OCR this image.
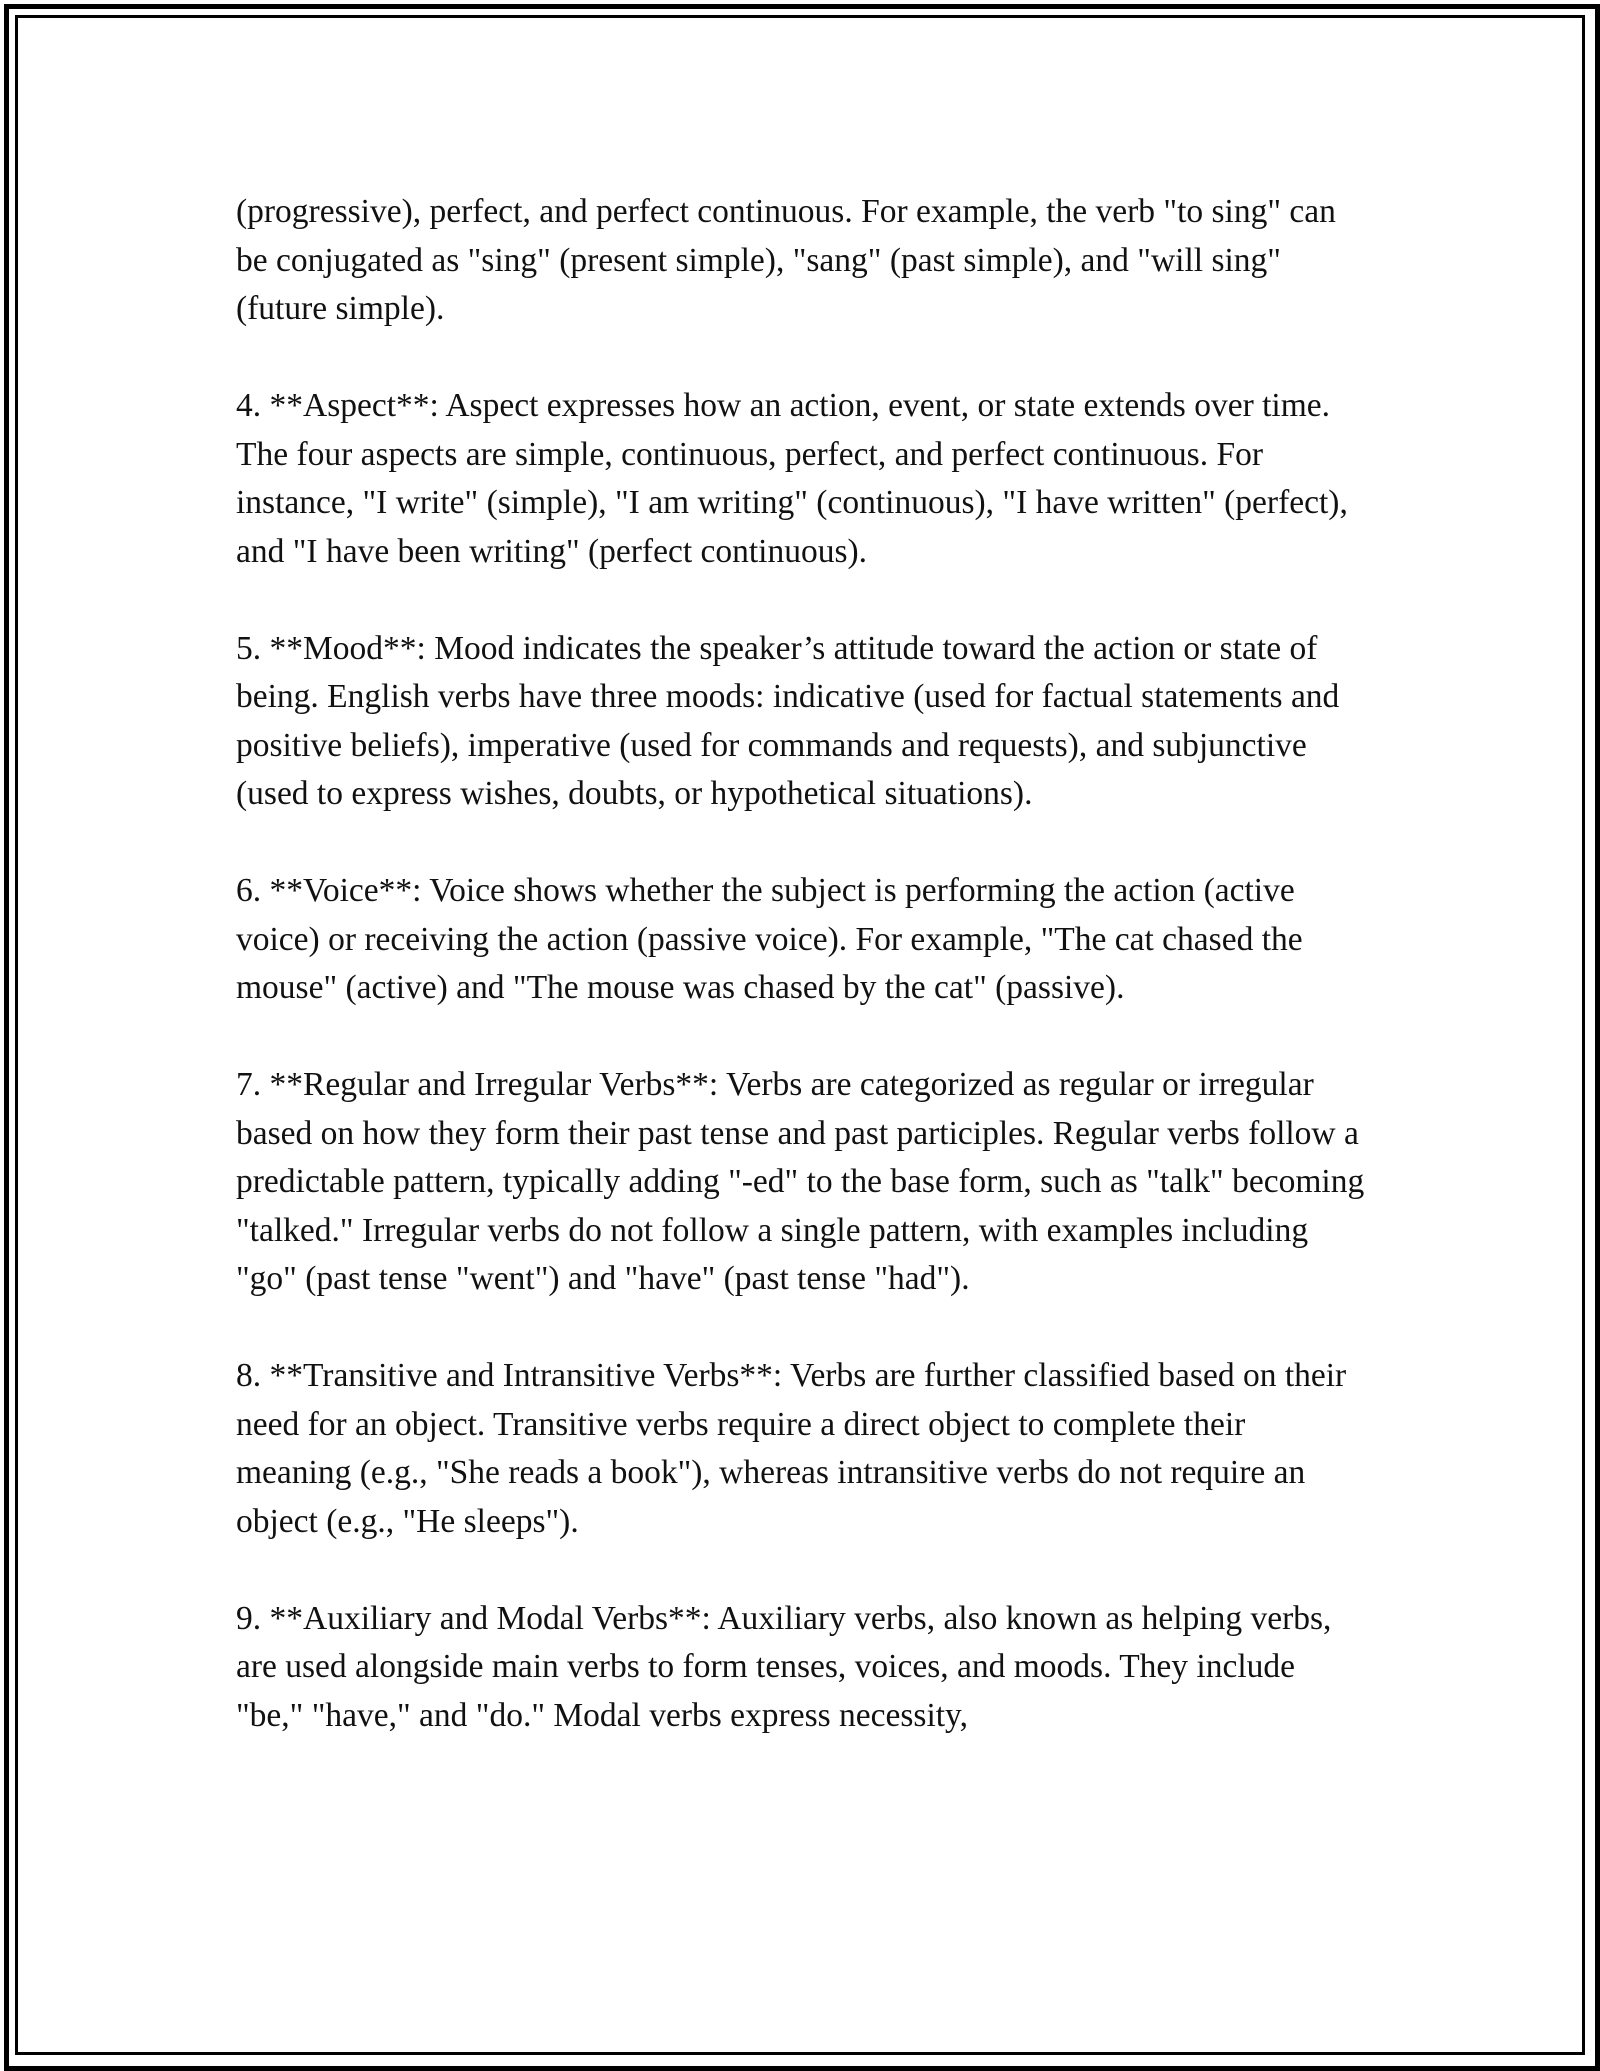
(progressive), perfect, and perfect continuous. For example, the verb "to sing" can be conjugated as "sing" (present simple), "sang" (past simple), and "will sing" (future simple).

4. **Aspect**: Aspect expresses how an action, event, or state extends over time. The four aspects are simple, continuous, perfect, and perfect continuous. For instance, "I write" (simple), "I am writing" (continuous), "I have written" (perfect), and "I have been writing" (perfect continuous).

5. **Mood**: Mood indicates the speaker’s attitude toward the action or state of being. English verbs have three moods: indicative (used for factual statements and positive beliefs), imperative (used for commands and requests), and subjunctive (used to express wishes, doubts, or hypothetical situations).

6. **Voice**: Voice shows whether the subject is performing the action (active voice) or receiving the action (passive voice). For example, "The cat chased the mouse" (active) and "The mouse was chased by the cat" (passive).

7. **Regular and Irregular Verbs**: Verbs are categorized as regular or irregular based on how they form their past tense and past participles. Regular verbs follow a predictable pattern, typically adding "-ed" to the base form, such as "talk" becoming "talked." Irregular verbs do not follow a single pattern, with examples including "go" (past tense "went") and "have" (past tense "had").

8. **Transitive and Intransitive Verbs**: Verbs are further classified based on their need for an object. Transitive verbs require a direct object to complete their meaning (e.g., "She reads a book"), whereas intransitive verbs do not require an object (e.g., "He sleeps").

9. **Auxiliary and Modal Verbs**: Auxiliary verbs, also known as helping verbs, are used alongside main verbs to form tenses, voices, and moods. They include "be," "have," and "do." Modal verbs express necessity,
